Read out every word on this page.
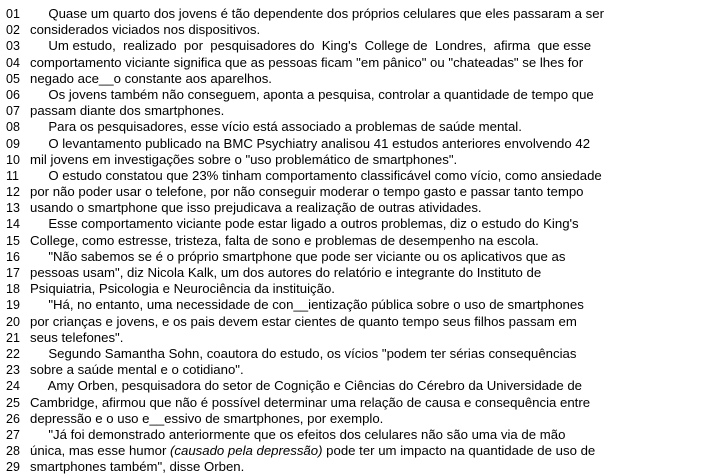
01 Quase um quarto dos jovens é tão dependente dos próprios celulares que eles passaram a ser
02 considerados viciados nos dispositivos.
03 Um estudo,  realizado  por  pesquisadores do  King's  College de  Londres,  afirma  que esse
04 comportamento viciante significa que as pessoas ficam "em pânico" ou "chateadas" se lhes for
05 negado ace__o constante aos aparelhos.
06 Os jovens também não conseguem, aponta a pesquisa, controlar a quantidade de tempo que
07 passam diante dos smartphones.
08 Para os pesquisadores, esse vício está associado a problemas de saúde mental.
09 O levantamento publicado na BMC Psychiatry analisou 41 estudos anteriores envolvendo 42
10 mil jovens em investigações sobre o "uso problemático de smartphones".
11 O estudo constatou que 23% tinham comportamento classificável como vício, como ansiedade
12 por não poder usar o telefone, por não conseguir moderar o tempo gasto e passar tanto tempo
13 usando o smartphone que isso prejudicava a realização de outras atividades.
14 Esse comportamento viciante pode estar ligado a outros problemas, diz o estudo do King's
15 College, como estresse, tristeza, falta de sono e problemas de desempenho na escola.
16 "Não sabemos se é o próprio smartphone que pode ser viciante ou os aplicativos que as
17 pessoas usam", diz Nicola Kalk, um dos autores do relatório e integrante do Instituto de
18 Psiquiatria, Psicologia e Neurociência da instituição.
19 "Há, no entanto, uma necessidade de con__ientização pública sobre o uso de smartphones
20 por crianças e jovens, e os pais devem estar cientes de quanto tempo seus filhos passam em
21 seus telefones".
22 Segundo Samantha Sohn, coautora do estudo, os vícios "podem ter sérias consequências
23 sobre a saúde mental e o cotidiano".
24 Amy Orben, pesquisadora do setor de Cognição e Ciências do Cérebro da Universidade de
25 Cambridge, afirmou que não é possível determinar uma relação de causa e consequência entre
26 depressão e o uso e__essivo de smartphones, por exemplo.
27 "Já foi demonstrado anteriormente que os efeitos dos celulares não são uma via de mão
28 única, mas esse humor (causado pela depressão) pode ter um impacto na quantidade de uso de
29 smartphones também", disse Orben.
